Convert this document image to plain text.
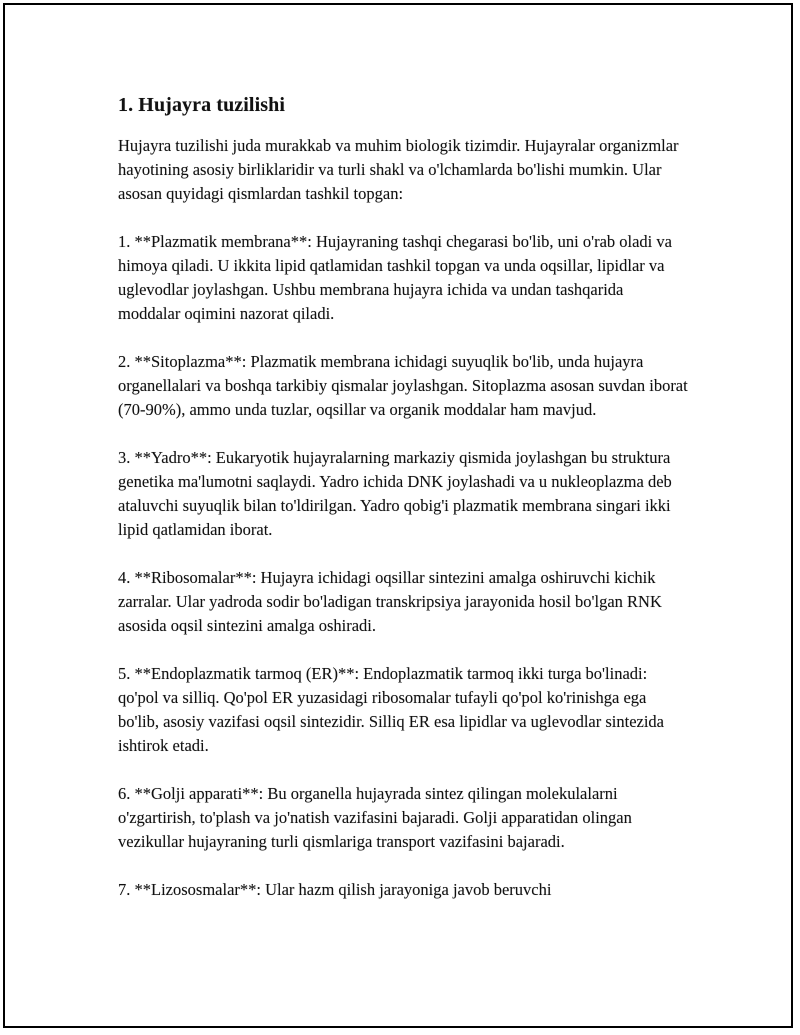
1. Hujayra tuzilishi

Hujayra tuzilishi juda murakkab va muhim biologik tizimdir. Hujayralar organizmlar hayotining asosiy birliklaridir va turli shakl va o'lchamlarda bo'lishi mumkin. Ular asosan quyidagi qismlardan tashkil topgan:

1. **Plazmatik membrana**: Hujayraning tashqi chegarasi bo'lib, uni o'rab oladi va himoya qiladi. U ikkita lipid qatlamidan tashkil topgan va unda oqsillar, lipidlar va uglevodlar joylashgan. Ushbu membrana hujayra ichida va undan tashqarida moddalar oqimini nazorat qiladi.

2. **Sitoplazma**: Plazmatik membrana ichidagi suyuqlik bo'lib, unda hujayra organellalari va boshqa tarkibiy qismalar joylashgan. Sitoplazma asosan suvdan iborat (70-90%), ammo unda tuzlar, oqsillar va organik moddalar ham mavjud.

3. **Yadro**: Eukaryotik hujayralarning markaziy qismida joylashgan bu struktura genetika ma'lumotni saqlaydi. Yadro ichida DNK joylashadi va u nukleoplazma deb ataluvchi suyuqlik bilan to'ldirilgan. Yadro qobig'i plazmatik membrana singari ikki lipid qatlamidan iborat.

4. **Ribosomalar**: Hujayra ichidagi oqsillar sintezini amalga oshiruvchi kichik zarralar. Ular yadroda sodir bo'ladigan transkripsiya jarayonida hosil bo'lgan RNK asosida oqsil sintezini amalga oshiradi.

5. **Endoplazmatik tarmoq (ER)**: Endoplazmatik tarmoq ikki turga bo'linadi: qo'pol va silliq. Qo'pol ER yuzasidagi ribosomalar tufayli qo'pol ko'rinishga ega bo'lib, asosiy vazifasi oqsil sintezidir. Silliq ER esa lipidlar va uglevodlar sintezida ishtirok etadi.

6. **Golji apparati**: Bu organella hujayrada sintez qilingan molekulalarni o'zgartirish, to'plash va jo'natish vazifasini bajaradi. Golji apparatidan olingan vezikullar hujayraning turli qismlariga transport vazifasini bajaradi.

7. **Lizososmalar**: Ular hazm qilish jarayoniga javob beruvchi
